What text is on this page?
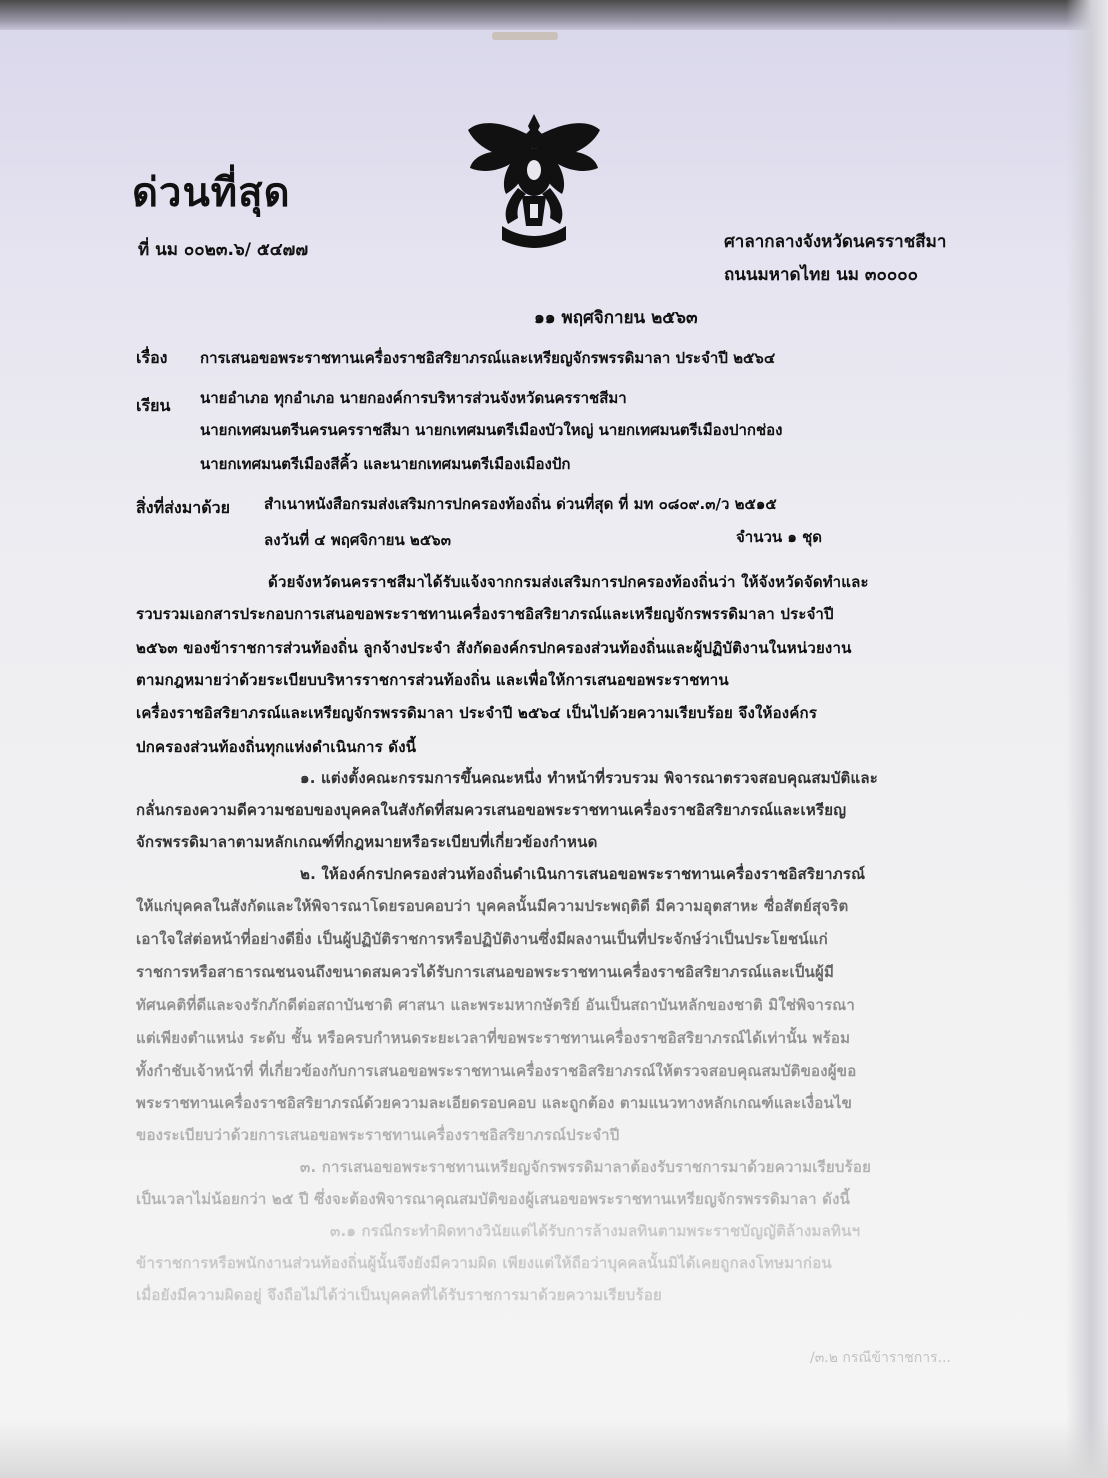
ด่วนที่สุด
ที่ นม ๐๐๒๓.๖/ ๕๔๗๗	ศาลากลางจังหวัดนครราชสีมา
ถนนมหาดไทย นม ๓๐๐๐๐
๑๑ พฤศจิกายน ๒๕๖๓
เรื่อง การเสนอขอพระราชทานเครื่องราชอิสริยาภรณ์และเหรียญจักรพรรดิมาลา ประจำปี ๒๕๖๔
เรียน นายอำเภอ ทุกอำเภอ นายกองค์การบริหารส่วนจังหวัดนครราชสีมา
นายกเทศมนตรีนครนครราชสีมา นายกเทศมนตรีเมืองบัวใหญ่ นายกเทศมนตรีเมืองปากช่อง
นายกเทศมนตรีเมืองสีคิ้ว และนายกเทศมนตรีเมืองเมืองปัก
สิ่งที่ส่งมาด้วย สำเนาหนังสือกรมส่งเสริมการปกครองท้องถิ่น ด่วนที่สุด ที่ มท ๐๘๐๙.๓/ว ๒๕๑๕
ลงวันที่ ๔ พฤศจิกายน ๒๕๖๓	จำนวน ๑ ชุด
ด้วยจังหวัดนครราชสีมาได้รับแจ้งจากกรมส่งเสริมการปกครองท้องถิ่นว่า ให้จังหวัดจัดทำและ
รวบรวมเอกสารประกอบการเสนอขอพระราชทานเครื่องราชอิสริยาภรณ์และเหรียญจักรพรรดิมาลา ประจำปี
๒๕๖๓ ของข้าราชการส่วนท้องถิ่น ลูกจ้างประจำ สังกัดองค์กรปกครองส่วนท้องถิ่นและผู้ปฏิบัติงานในหน่วยงาน
ตามกฎหมายว่าด้วยระเบียบบริหารราชการส่วนท้องถิ่น และเพื่อให้การเสนอขอพระราชทาน
เครื่องราชอิสริยาภรณ์และเหรียญจักรพรรดิมาลา ประจำปี ๒๕๖๔ เป็นไปด้วยความเรียบร้อย จึงให้องค์กร
ปกครองส่วนท้องถิ่นทุกแห่งดำเนินการ ดังนี้
๑. แต่งตั้งคณะกรรมการขึ้นคณะหนึ่ง ทำหน้าที่รวบรวม พิจารณาตรวจสอบคุณสมบัติและ
กลั่นกรองความดีความชอบของบุคคลในสังกัดที่สมควรเสนอขอพระราชทานเครื่องราชอิสริยาภรณ์และเหรียญ
จักรพรรดิมาลาตามหลักเกณฑ์ที่กฎหมายหรือระเบียบที่เกี่ยวข้องกำหนด
๒. ให้องค์กรปกครองส่วนท้องถิ่นดำเนินการเสนอขอพระราชทานเครื่องราชอิสริยาภรณ์
ให้แก่บุคคลในสังกัดและให้พิจารณาโดยรอบคอบว่า บุคคลนั้นมีความประพฤติดี มีความอุตสาหะ ซื่อสัตย์สุจริต
เอาใจใส่ต่อหน้าที่อย่างดียิ่ง เป็นผู้ปฏิบัติราชการหรือปฏิบัติงานซึ่งมีผลงานเป็นที่ประจักษ์ว่าเป็นประโยชน์แก่
ราชการหรือสาธารณชนจนถึงขนาดสมควรได้รับการเสนอขอพระราชทานเครื่องราชอิสริยาภรณ์และเป็นผู้มี
ทัศนคติที่ดีและจงรักภักดีต่อสถาบันชาติ ศาสนา และพระมหากษัตริย์ อันเป็นสถาบันหลักของชาติ มิใช่พิจารณา
แต่เพียงตำแหน่ง ระดับ ชั้น หรือครบกำหนดระยะเวลาที่ขอพระราชทานเครื่องราชอิสริยาภรณ์ได้เท่านั้น พร้อม
ทั้งกำชับเจ้าหน้าที่ ที่เกี่ยวข้องกับการเสนอขอพระราชทานเครื่องราชอิสริยาภรณ์ให้ตรวจสอบคุณสมบัติของผู้ขอ
พระราชทานเครื่องราชอิสริยาภรณ์ด้วยความละเอียดรอบคอบ และถูกต้อง ตามแนวทางหลักเกณฑ์และเงื่อนไข
ของระเบียบว่าด้วยการเสนอขอพระราชทานเครื่องราชอิสริยาภรณ์ประจำปี
๓. การเสนอขอพระราชทานเหรียญจักรพรรดิมาลาต้องรับราชการมาด้วยความเรียบร้อย
เป็นเวลาไม่น้อยกว่า ๒๕ ปี ซึ่งจะต้องพิจารณาคุณสมบัติของผู้เสนอขอพระราชทานเหรียญจักรพรรดิมาลา ดังนี้
๓.๑ กรณีกระทำผิดทางวินัยแต่ได้รับการล้างมลทินตามพระราชบัญญัติล้างมลทินฯ
ข้าราชการหรือพนักงานส่วนท้องถิ่นผู้นั้นจึงยังมีความผิด เพียงแต่ให้ถือว่าบุคคลนั้นมิได้เคยถูกลงโทษมาก่อน
เมื่อยังมีความผิดอยู่ จึงถือไม่ได้ว่าเป็นบุคคลที่ได้รับราชการมาด้วยความเรียบร้อย
/๓.๒ กรณีข้าราชการ...
